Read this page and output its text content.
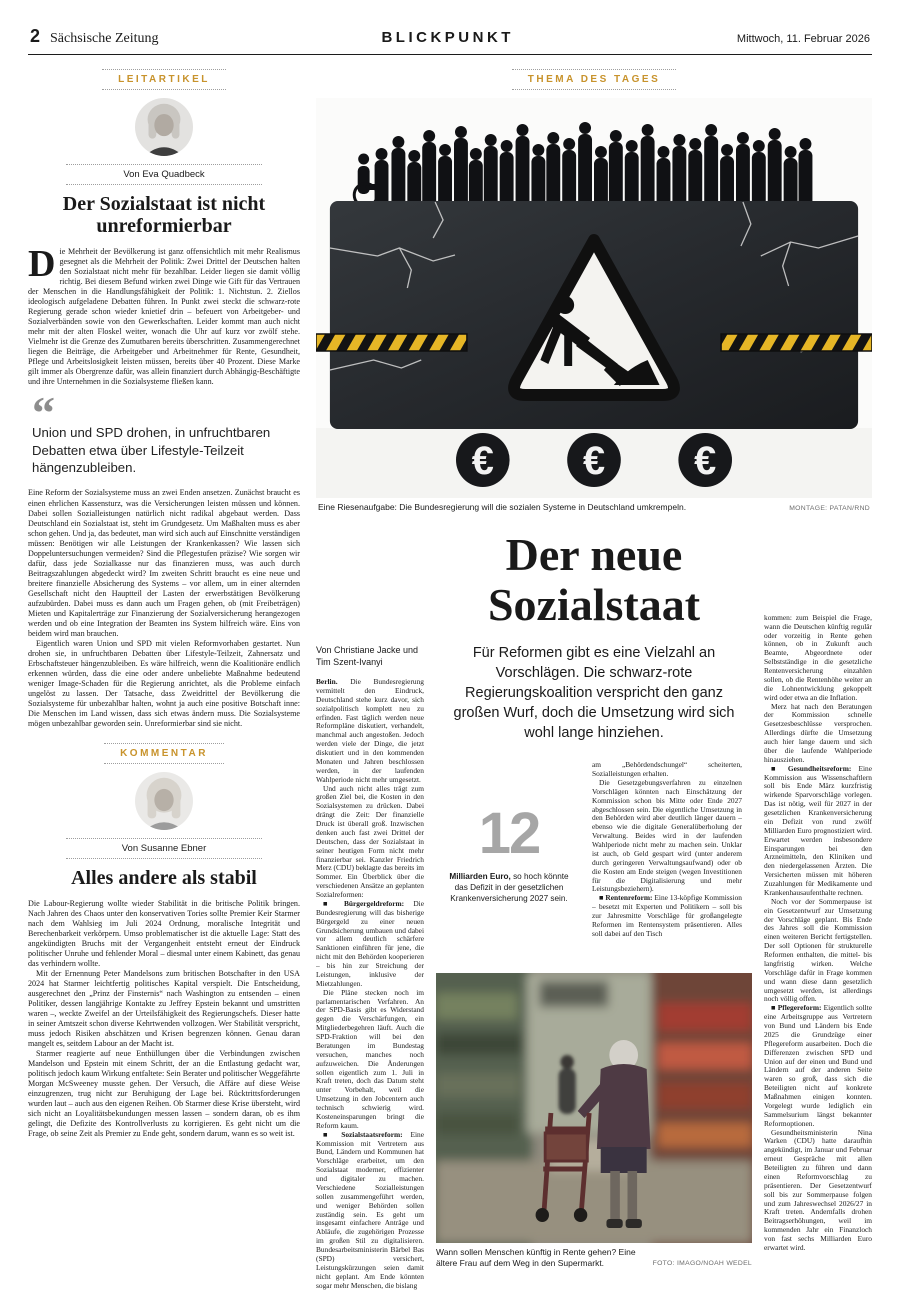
2 Sächsische Zeitung	BLICKPUNKT	Mittwoch, 11. Februar 2026
LEITARTIKEL
Von Eva Quadbeck
Der Sozialstaat ist nicht unreformierbar

Die Mehrheit der Bevölkerung ist ganz offensichtlich mit mehr Realismus gesegnet als die Mehrheit der Politik: Zwei Drittel der Deutschen halten den Sozialstaat nicht mehr für bezahlbar. Leider liegen sie damit völlig richtig. Bei diesem Befund wirken zwei Dinge wie Gift für das Vertrauen der Menschen in die Handlungsfähigkeit der Politik: 1. Nichtstun. 2. Ziellos ideologisch aufgeladene Debatten führen. In Punkt zwei steckt die schwarz-rote Regierung gerade schon wieder knietief drin – befeuert von Arbeitgeber- und Sozialverbänden sowie von den Gewerkschaften. Leider kommt man auch nicht mehr mit der alten Floskel weiter, wonach die Uhr auf kurz vor zwölf stehe. Vielmehr ist die Grenze des Zumutbaren bereits überschritten. Zusammengerechnet liegen die Beiträge, die Arbeitgeber und Arbeitnehmer für Rente, Gesundheit, Pflege und Arbeitslosigkeit leisten müssen, bereits über 40 Prozent. Diese Marke gilt immer als Obergrenze dafür, was allein finanziert durch Abhängig-Beschäftigte und ihre Unternehmen in die Sozialsysteme fließen kann.

“
Union und SPD drohen, in unfruchtbaren Debatten etwa über Lifestyle-Teilzeit hängenzubleiben.

Eine Reform der Sozialsysteme muss an zwei Enden ansetzen. Zunächst braucht es einen ehrlichen Kassensturz, was die Versicherungen leisten müssen und können. Dabei sollen Sozialleistungen natürlich nicht radikal abgebaut werden. Dass Deutschland ein Sozialstaat ist, steht im Grundgesetz. Um Maßhalten muss es aber schon gehen. Und ja, das bedeutet, man wird sich auch auf Einschnitte verständigen müssen: Benötigen wir alle Leistungen der Krankenkassen? Wie lassen sich Doppeluntersuchungen vermeiden? Sind die Pflegestufen präzise? Wie sorgen wir dafür, dass jede Sozialkasse nur das finanzieren muss, was auch durch Beitragszahlungen abgedeckt wird? Im zweiten Schritt braucht es eine neue und breitere finanzielle Absicherung des Systems – vor allem, um in einer alternden Gesellschaft nicht den Hauptteil der Lasten der erwerbstätigen Bevölkerung aufzubürden. Dabei muss es dann auch um Fragen gehen, ob (mit Freibeträgen) Mieten und Kapitalerträge zur Finanzierung der Sozialversicherung herangezogen werden und ob eine Integration der Beamten ins System hilfreich wäre. Eins von beidem wird man brauchen.

Eigentlich waren Union und SPD mit vielen Reformvorhaben gestartet. Nun drohen sie, in unfruchtbaren Debatten über Lifestyle-Teilzeit, Zahnersatz und Erbschaftsteuer hängenzubleiben. Es wäre hilfreich, wenn die Koalitionäre endlich erkennen würden, dass die eine oder andere unbeliebte Maßnahme bedeutend weniger Image-Schaden für die Regierung anrichtet, als die Probleme einfach ungelöst zu lassen. Der Tatsache, dass Zweidrittel der Bevölkerung die Sozialsysteme für unbezahlbar halten, wohnt ja auch eine positive Botschaft inne: Die Menschen im Land wissen, dass sich etwas ändern muss. Die Sozialsysteme mögen unbezahlbar geworden sein. Unreformierbar sind sie nicht.

KOMMENTAR
Von Susanne Ebner
Alles andere als stabil

Die Labour-Regierung wollte wieder Stabilität in die britische Politik bringen. Nach Jahren des Chaos unter den konservativen Tories sollte Premier Keir Starmer nach dem Wahlsieg im Juli 2024 Ordnung, moralische Integrität und Berechenbarkeit verkörpern. Umso problematischer ist die aktuelle Lage: Statt des angekündigten Bruchs mit der Vergangenheit entsteht erneut der Eindruck politischer Unruhe und fehlender Moral – diesmal unter einem Kabinett, das genau das verhindern wollte.

Mit der Ernennung Peter Mandelsons zum britischen Botschafter in den USA 2024 hat Starmer leichtfertig politisches Kapital verspielt. Die Entscheidung, ausgerechnet den „Prinz der Finsternis“ nach Washington zu entsenden – einen Politiker, dessen langjährige Kontakte zu Jeffrey Epstein bekannt und umstritten waren –, weckte Zweifel an der Urteilsfähigkeit des Regierungschefs. Dieser hatte in seiner Amtszeit schon diverse Kehrtwenden vollzogen. Wer Stabilität verspricht, muss jedoch Risiken abschätzen und Krisen begrenzen können. Genau daran mangelt es, seitdem Labour an der Macht ist.

Starmer reagierte auf neue Enthüllungen über die Verbindungen zwischen Mandelson und Epstein mit einem Schritt, der an die Entlastung gedacht war, politisch jedoch kaum Wirkung entfaltete: Sein Berater und politischer Weggefährte Morgan McSweeney musste gehen. Der Versuch, die Affäre auf diese Weise einzugrenzen, trug nicht zur Beruhigung der Lage bei. Rücktrittsforderungen wurden laut – auch aus den eigenen Reihen. Ob Starmer diese Krise übersteht, wird sich nicht an Loyalitätsbekundungen messen lassen – sondern daran, ob es ihm gelingt, die Defizite des Kontrollverlusts zu korrigieren. Es geht nicht um die Frage, ob seine Zeit als Premier zu Ende geht, sondern darum, wann es so weit ist.

THEMA DES TAGES
€ € €
Eine Riesenaufgabe: Die Bundesregierung will die sozialen Systeme in Deutschland umkrempeln.	MONTAGE: PATAN/RND
Von Christiane Jacke und Tim Szent-Ivanyi

Berlin. Die Bundesregierung vermittelt den Eindruck, Deutschland stehe kurz davor, sich sozialpolitisch komplett neu zu erfinden. Fast täglich werden neue Reformpläne diskutiert, verhandelt, manchmal auch angestoßen. Jedoch werden viele der Dinge, die jetzt diskutiert und in den kommenden Monaten und Jahren beschlossen werden, in der laufenden Wahlperiode nicht mehr umgesetzt.

Und auch nicht alles trägt zum großen Ziel bei, die Kosten in den Sozialsystemen zu drücken. Dabei drängt die Zeit: Der finanzielle Druck ist überall groß. Inzwischen denken auch fast zwei Drittel der Deutschen, dass der Sozialstaat in seiner heutigen Form nicht mehr finanzierbar sei. Kanzler Friedrich Merz (CDU) beklagte das bereits im Sommer. Ein Überblick über die verschiedenen Ansätze an geplanten Sozialreformen:

■ Bürgergeldreform: Die Bundesregierung will das bisherige Bürgergeld zu einer neuen Grundsicherung umbauen und dabei vor allem deutlich schärfere Sanktionen einführen für jene, die nicht mit den Behörden kooperieren – bis hin zur Streichung der Leistungen, inklusive der Mietzahlungen.

Die Pläne stecken noch im parlamentarischen Verfahren. An der SPD-Basis gibt es Widerstand gegen die Verschärfungen, ein Mitgliederbegehren läuft. Auch die SPD-Fraktion will bei den Beratungen im Bundestag versuchen, manches noch aufzuweichen. Die Änderungen sollen eigentlich zum 1. Juli in Kraft treten, doch das Datum steht unter Vorbehalt, weil die Umsetzung in den Jobcentern auch technisch schwierig wird. Kosteneinsparungen bringt die Reform kaum.

■ Sozialstaatsreform: Eine Kommission mit Vertretern aus Bund, Ländern und Kommunen hat Vorschläge erarbeitet, um den Sozialstaat moderner, effizienter und digitaler zu machen. Verschiedene Sozialleistungen sollen zusammengeführt werden, und weniger Behörden sollen zuständig sein. Es geht um insgesamt einfachere Anträge und Abläufe, die zugehörigen Prozesse im großen Stil zu digitalisieren. Bundesarbeitsministerin Bärbel Bas (SPD) versichert, Leistungskürzungen seien damit nicht geplant. Am Ende könnten sogar mehr Menschen, die bislang

Der neue Sozialstaat
Für Reformen gibt es eine Vielzahl an Vorschlägen. Die schwarz-rote Regierungskoalition verspricht den ganz großen Wurf, doch die Umsetzung wird sich wohl lange hinziehen.
12
Milliarden Euro, so hoch könnte das Defizit in der gesetzlichen Krankenversicherung 2027 sein.

am „Behördendschungel“ scheiterten, Sozialleistungen erhalten.

Die Gesetzgebungsverfahren zu einzelnen Vorschlägen könnten nach Einschätzung der Kommission schon bis Mitte oder Ende 2027 abgeschlossen sein. Die eigentliche Umsetzung in den Behörden wird aber deutlich länger dauern – ebenso wie die digitale Generalüberholung der Verwaltung. Beides wird in der laufenden Wahlperiode nicht mehr zu machen sein. Unklar ist auch, ob Geld gespart wird (unter anderem durch geringeren Verwaltungsaufwand) oder ob die Kosten am Ende steigen (wegen Investitionen für die Digitalisierung und mehr Leistungsbeziehern).

■ Rentenreform: Eine 13-köpfige Kommission – besetzt mit Experten und Politikern – soll bis zur Jahresmitte Vorschläge für großangelegte Reformen im Rentensystem präsentieren. Alles soll dabei auf den Tisch

Wann sollen Menschen künftig in Rente gehen? Eine ältere Frau auf dem Weg in den Supermarkt.	FOTO: IMAGO/NOAH WEDEL

kommen: zum Beispiel die Frage, wann die Deutschen künftig regulär oder vorzeitig in Rente gehen können, ob in Zukunft auch Beamte, Abgeordnete oder Selbstständige in die gesetzliche Rentenversicherung einzahlen sollen, ob die Rentenhöhe weiter an die Lohnentwicklung gekoppelt wird oder etwa an die Inflation.

Merz hat nach den Beratungen der Kommission schnelle Gesetzesbeschlüsse versprochen. Allerdings dürfte die Umsetzung auch hier lange dauern und sich über die laufende Wahlperiode hinausziehen.

■ Gesundheitsreform: Eine Kommission aus Wissenschaftlern soll bis Ende März kurzfristig wirkende Sparvorschläge vorlegen. Das ist nötig, weil für 2027 in der gesetzlichen Krankenversicherung ein Defizit von rund zwölf Milliarden Euro prognostiziert wird. Erwartet werden insbesondere Einsparungen bei den Arzneimitteln, den Kliniken und den niedergelassenen Ärzten. Die Versicherten müssen mit höheren Zuzahlungen für Medikamente und Krankenhausaufenthalte rechnen.

Noch vor der Sommerpause ist ein Gesetzentwurf zur Umsetzung der Vorschläge geplant. Bis Ende des Jahres soll die Kommission einen weiteren Bericht fertigstellen. Der soll Optionen für strukturelle Reformen enthalten, die mittel- bis langfristig wirken. Welche Vorschläge dafür in Frage kommen und wann diese dann gesetzlich umgesetzt werden, ist allerdings noch völlig offen.

■ Pflegereform: Eigentlich sollte eine Arbeitsgruppe aus Vertretern von Bund und Ländern bis Ende 2025 die Grundzüge einer Pflegereform ausarbeiten. Doch die Differenzen zwischen SPD und Union auf der einen und Bund und Ländern auf der anderen Seite waren so groß, dass sich die Beteiligten nicht auf konkrete Maßnahmen einigen konnten. Vorgelegt wurde lediglich ein Sammelsurium längst bekannter Reformoptionen.

Gesundheitsministerin Nina Warken (CDU) hatte daraufhin angekündigt, im Januar und Februar erneut Gespräche mit allen Beteiligten zu führen und dann einen Reformvorschlag zu präsentieren. Der Gesetzentwurf soll bis zur Sommerpause folgen und zum Jahreswechsel 2026/27 in Kraft treten. Andernfalls drohen Beitragserhöhungen, weil im kommenden Jahr ein Finanzloch von fast sechs Milliarden Euro erwartet wird.
